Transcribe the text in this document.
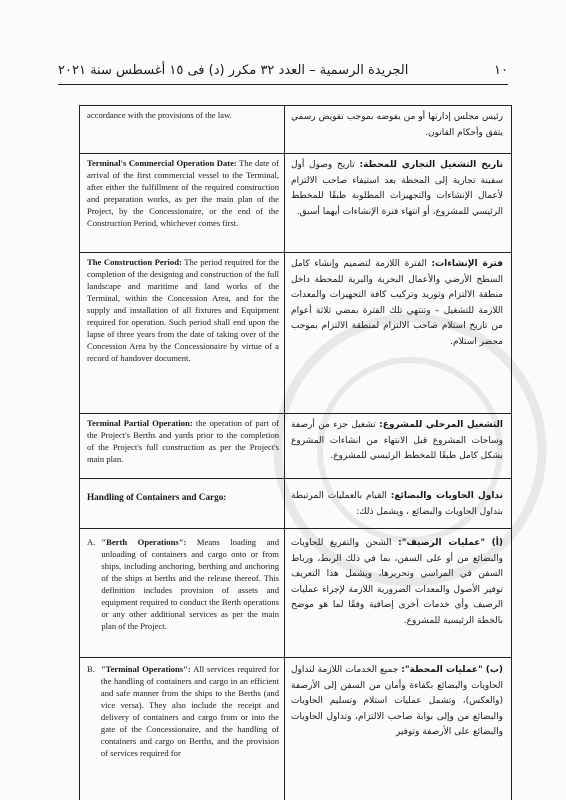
١٠
الجريدة الرسمية – العدد ٣٢ مكرر (د) فى ١٥ أغسطس سنة ٢٠٢١
accordance with the provisions of the law.	رئيس مجلس إدارتها أو من يفوضه بموجب تفويض رسمي يتفق وأحكام القانون.
Terminal's Commercial Operation Date: The date of arrival of the first commercial vessel to the Terminal, after either the fulfillment of the required construction and preparation works, as per the main plan of the Project, by the Concessionaire, or the end of the Construction Period, whichever comes first.
تاريخ التشغيل التجاري للمحطة: تاريخ وصول أول سفينة تجارية إلى المحطة بعد استيفاء صاحب الالتزام لأعمال الإنشاءات والتجهيزات المطلوبة طبقًا للمخطط الرئيسي للمشروع، أو انتهاء فترة الإنشاءات أيهما أسبق.
The Construction Period: The period required for the completion of the designing and construction of the full landscape and maritime and land works of the Terminal, within the Concession Area, and for the supply and installation of all fixtures and Equipment required for operation. Such period shall end upon the lapse of three years from the date of taking over of the Concession Area by the Concessionaire by virtue of a record of handover document.
فترة الإنشاءات: الفترة اللازمة لتصميم وإنشاء كامل السطح الأرضي والأعمال البحرية والبرية للمحطة داخل منطقة الالتزام وتوريد وتركيب كافة التجهيزات والمعدات اللازمة للتشغيل – وتنتهي تلك الفترة بمضي ثلاثة أعوام من تاريخ استلام صاحب الالتزام لمنطقة الالتزام بموجب محضر استلام.
Terminal Partial Operation: the operation of part of the Project's Berths and yards prior to the completion of the Project's full construction as per the Project's main plan.
التشغيل المرحلي للمشروع: تشغيل جزء من أرصفة وساحات المشروع قبل الانتهاء من انشاءات المشروع بشكل كامل طبقًا للمخطط الرئيسي للمشروع.
Handling of Containers and Cargo:	تداول الحاويات والبضائع: القيام بالعمليات المرتبطة بتداول الحاويات والبضائع ، ويشمل ذلك:
A. "Berth Operations": Means loading and unloading of containers and cargo onto or from ships, including anchoring, berthing and anchoring of the ships at berths and the release thereof. This definition includes provision of assets and equipment required to conduct the Berth operations or any other additional services as per the main plan of the Project.
(أ) "عمليات الرصيف": الشحن والتفريغ للحاويات والبضائع من أو على السفن، بما في ذلك الربط، ورباط السفن في المراسي وتحريرها، ويشمل هذا التعريف توفير الأصول والمعدات الضرورية اللازمة لإجراء عمليات الرصيف وأي خدمات أخرى إضافية وفقًا لما هو موضح بالخطة الرئيسية للمشروع.
B. "Terminal Operations": All services required for the handling of containers and cargo in an efficient and safe manner from the ships to the Berths (and vice versa). They also include the receipt and delivery of containers and cargo from or into the gate of the Concessionaire, and the handling of containers and cargo on Berths, and the provision of services required for
(ب) "عمليات المحطة": جميع الخدمات اللازمة لتداول الحاويات والبضائع بكفاءة وأمان من السفن إلى الأرصفة (والعكس)، وتشمل عمليات استلام وتسليم الحاويات والبضائع من وإلى بوابة صاحب الالتزام، وتداول الحاويات والبضائع على الأرصفة وتوفير
